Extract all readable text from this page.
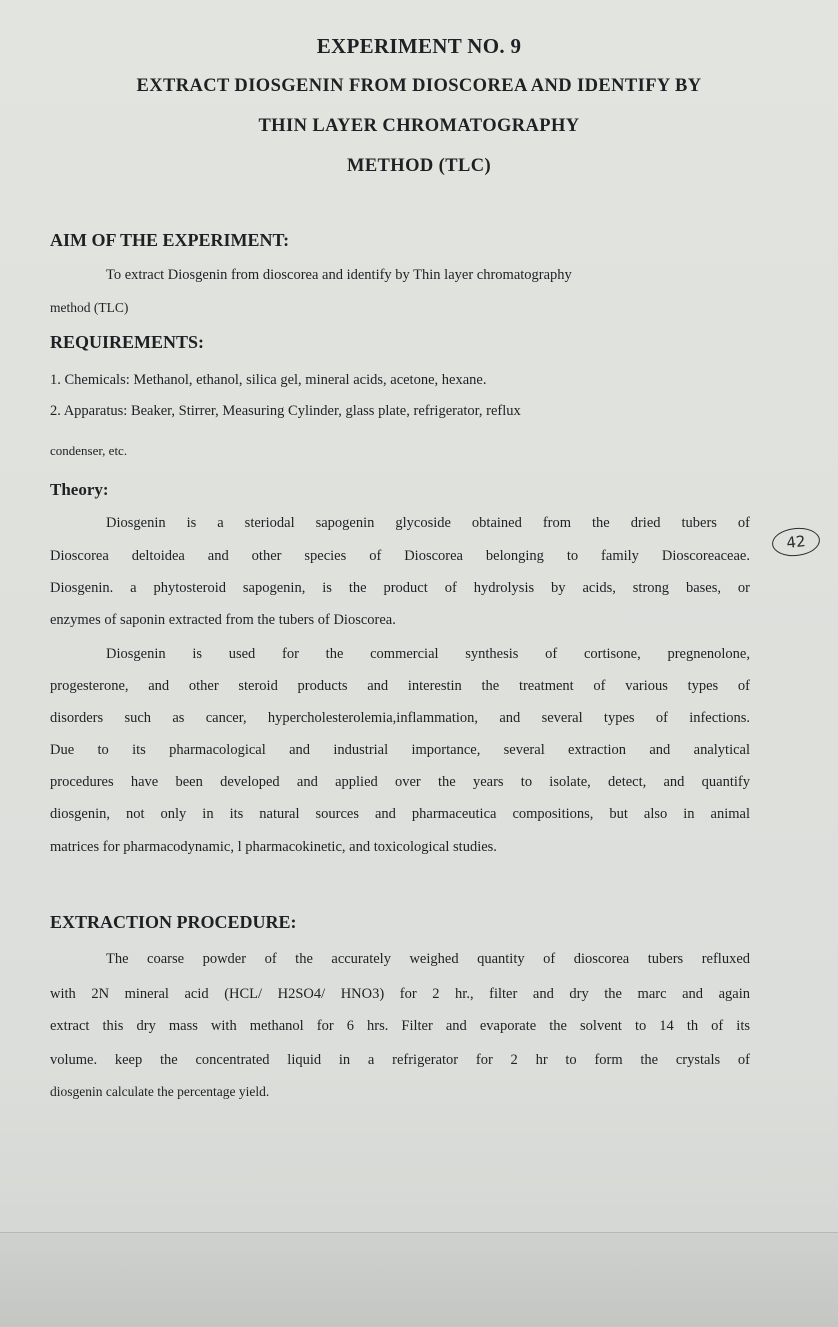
EXPERIMENT NO. 9
EXTRACT DIOSGENIN FROM DIOSCOREA AND IDENTIFY BY
THIN LAYER CHROMATOGRAPHY
METHOD (TLC)
AIM OF THE EXPERIMENT:
To extract Diosgenin from dioscorea and identify by Thin layer chromatography
method (TLC)
REQUIREMENTS:
1. Chemicals: Methanol, ethanol, silica gel, mineral acids, acetone, hexane.
2. Apparatus: Beaker, Stirrer, Measuring Cylinder, glass plate, refrigerator, reflux
condenser, etc.
Theory:
Diosgenin is a steriodal sapogenin glycoside obtained from the dried tubers of
Dioscorea deltoidea and other species of Dioscorea belonging to family Dioscoreaceae.
Diosgenin. a phytosteroid sapogenin, is the product of hydrolysis by acids, strong bases, or
enzymes of saponin extracted from the tubers of Dioscorea.
42
Diosgenin is used for the commercial synthesis of cortisone, pregnenolone,
progesterone, and other steroid products and interestin the treatment of various types of
disorders such as cancer, hypercholesterolemia,inflammation, and several types of infections.
Due to its pharmacological and industrial importance, several extraction and analytical
procedures have been developed and applied over the years to isolate, detect, and quantify
diosgenin, not only in its natural sources and pharmaceutica compositions, but also in animal
matrices for pharmacodynamic, l pharmacokinetic, and toxicological studies.
EXTRACTION PROCEDURE:
The coarse powder of the accurately weighed quantity of dioscorea tubers refluxed
with 2N mineral acid (HCL/ H2SO4/ HNO3) for 2 hr., filter and dry the marc and again
extract this dry mass with methanol for 6 hrs. Filter and evaporate the solvent to 14 th of its
volume. keep the concentrated liquid in a refrigerator for 2 hr to form the crystals of
diosgenin calculate the percentage yield.
